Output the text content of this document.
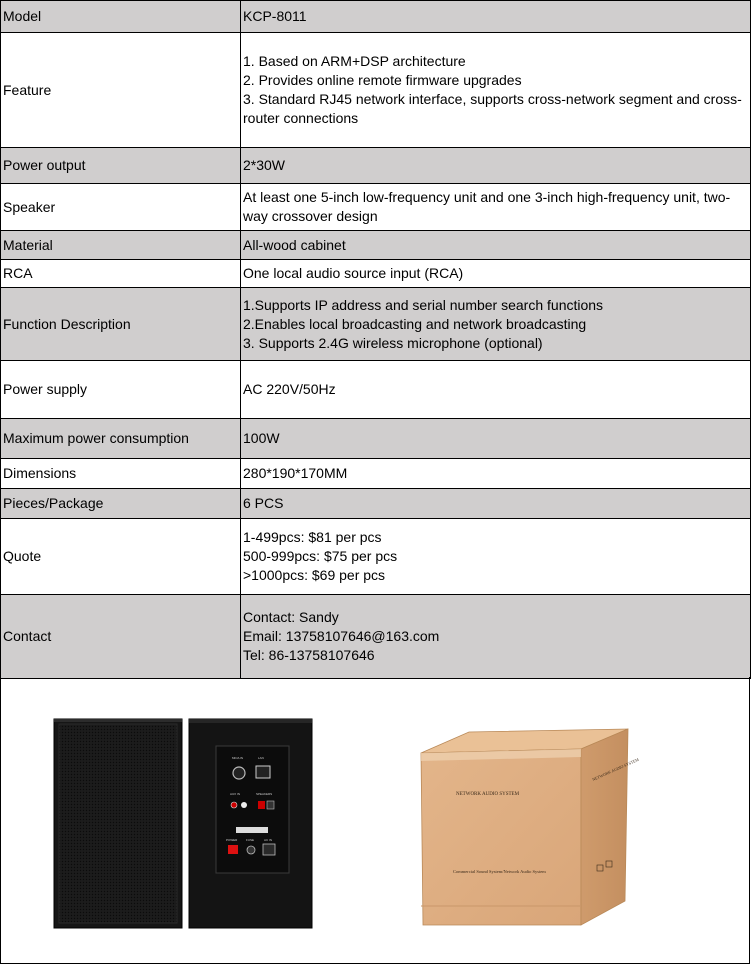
Model	KCP-8011

Feature	1. Based on ARM+DSP architecture
2. Provides online remote firmware upgrades
3. Standard RJ45 network interface, supports cross-network segment and cross-router connections

Power output	2*30W

Speaker	At least one 5-inch low-frequency unit and one 3-inch high-frequency unit, two-way crossover design

Material	All-wood cabinet

RCA	One local audio source input (RCA)

Function Description	1.Supports IP address and serial number search functions
2.Enables local broadcasting and network broadcasting
3. Supports 2.4G wireless microphone (optional)

Power supply	AC 220V/50Hz

Maximum power consumption	100W

Dimensions	280*190*170MM

Pieces/Package	6 PCS

Quote	1-499pcs: $81 per pcs
500-999pcs: $75 per pcs
>1000pcs: $69 per pcs

Contact	Contact: Sandy
Email: 13758107646@163.com
Tel: 86-13758107646
MIC/LIN	LAN
AUX IN	SPEAKERS
POWER	FUSE	AC IN
NETWORK AUDIO SYSTEM
Commercial Sound System/Network Audio System
NETWORK AUDIO SYSTEM
